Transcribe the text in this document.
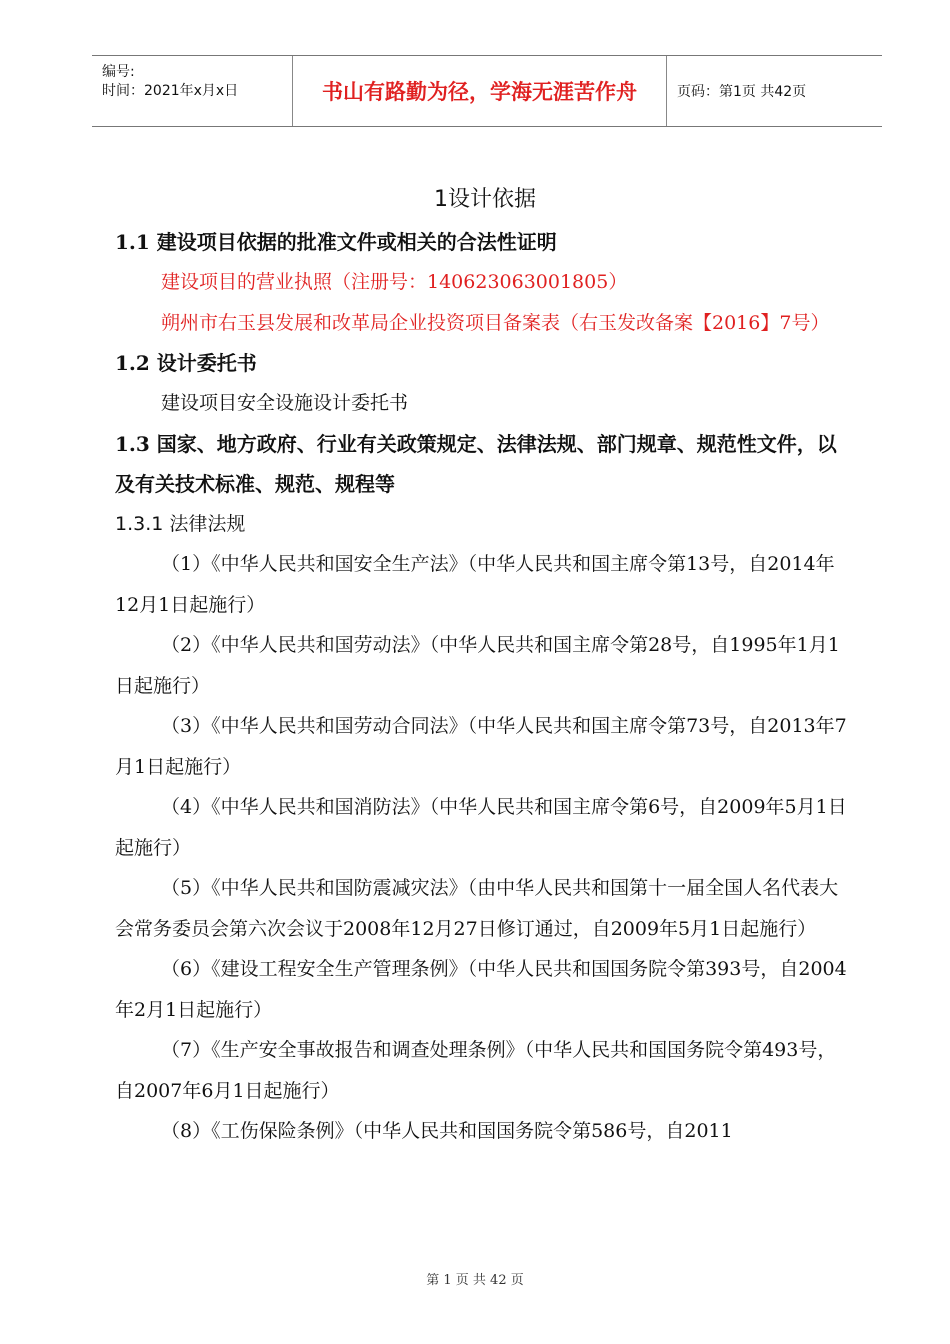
编号:
时间：2021年x月x日	书山有路勤为径，学海无涯苦作舟	页码：第1页 共42页
1设计依据
1.1 建设项目依据的批准文件或相关的合法性证明
建设项目的营业执照（注册号：140623063001805）
朔州市右玉县发展和改革局企业投资项目备案表（右玉发改备案【2016】7号）
1.2 设计委托书
建设项目安全设施设计委托书
1.3 国家、地方政府、行业有关政策规定、法律法规、部门规章、规范性文件，以及有关技术标准、规范、规程等
1.3.1 法律法规
（1）《中华人民共和国安全生产法》（中华人民共和国主席令第13号，自2014年12月1日起施行）
（2）《中华人民共和国劳动法》（中华人民共和国主席令第28号，自1995年1月1日起施行）
（3）《中华人民共和国劳动合同法》（中华人民共和国主席令第73号，自2013年7月1日起施行）
（4）《中华人民共和国消防法》（中华人民共和国主席令第6号，自2009年5月1日起施行）
（5）《中华人民共和国防震减灾法》（由中华人民共和国第十一届全国人名代表大会常务委员会第六次会议于2008年12月27日修订通过，自2009年5月1日起施行）
（6）《建设工程安全生产管理条例》（中华人民共和国国务院令第393号，自2004年2月1日起施行）
（7）《生产安全事故报告和调查处理条例》（中华人民共和国国务院令第493号，自2007年6月1日起施行）
（8）《工伤保险条例》（中华人民共和国国务院令第586号，自2011
第 1 页 共 42 页
